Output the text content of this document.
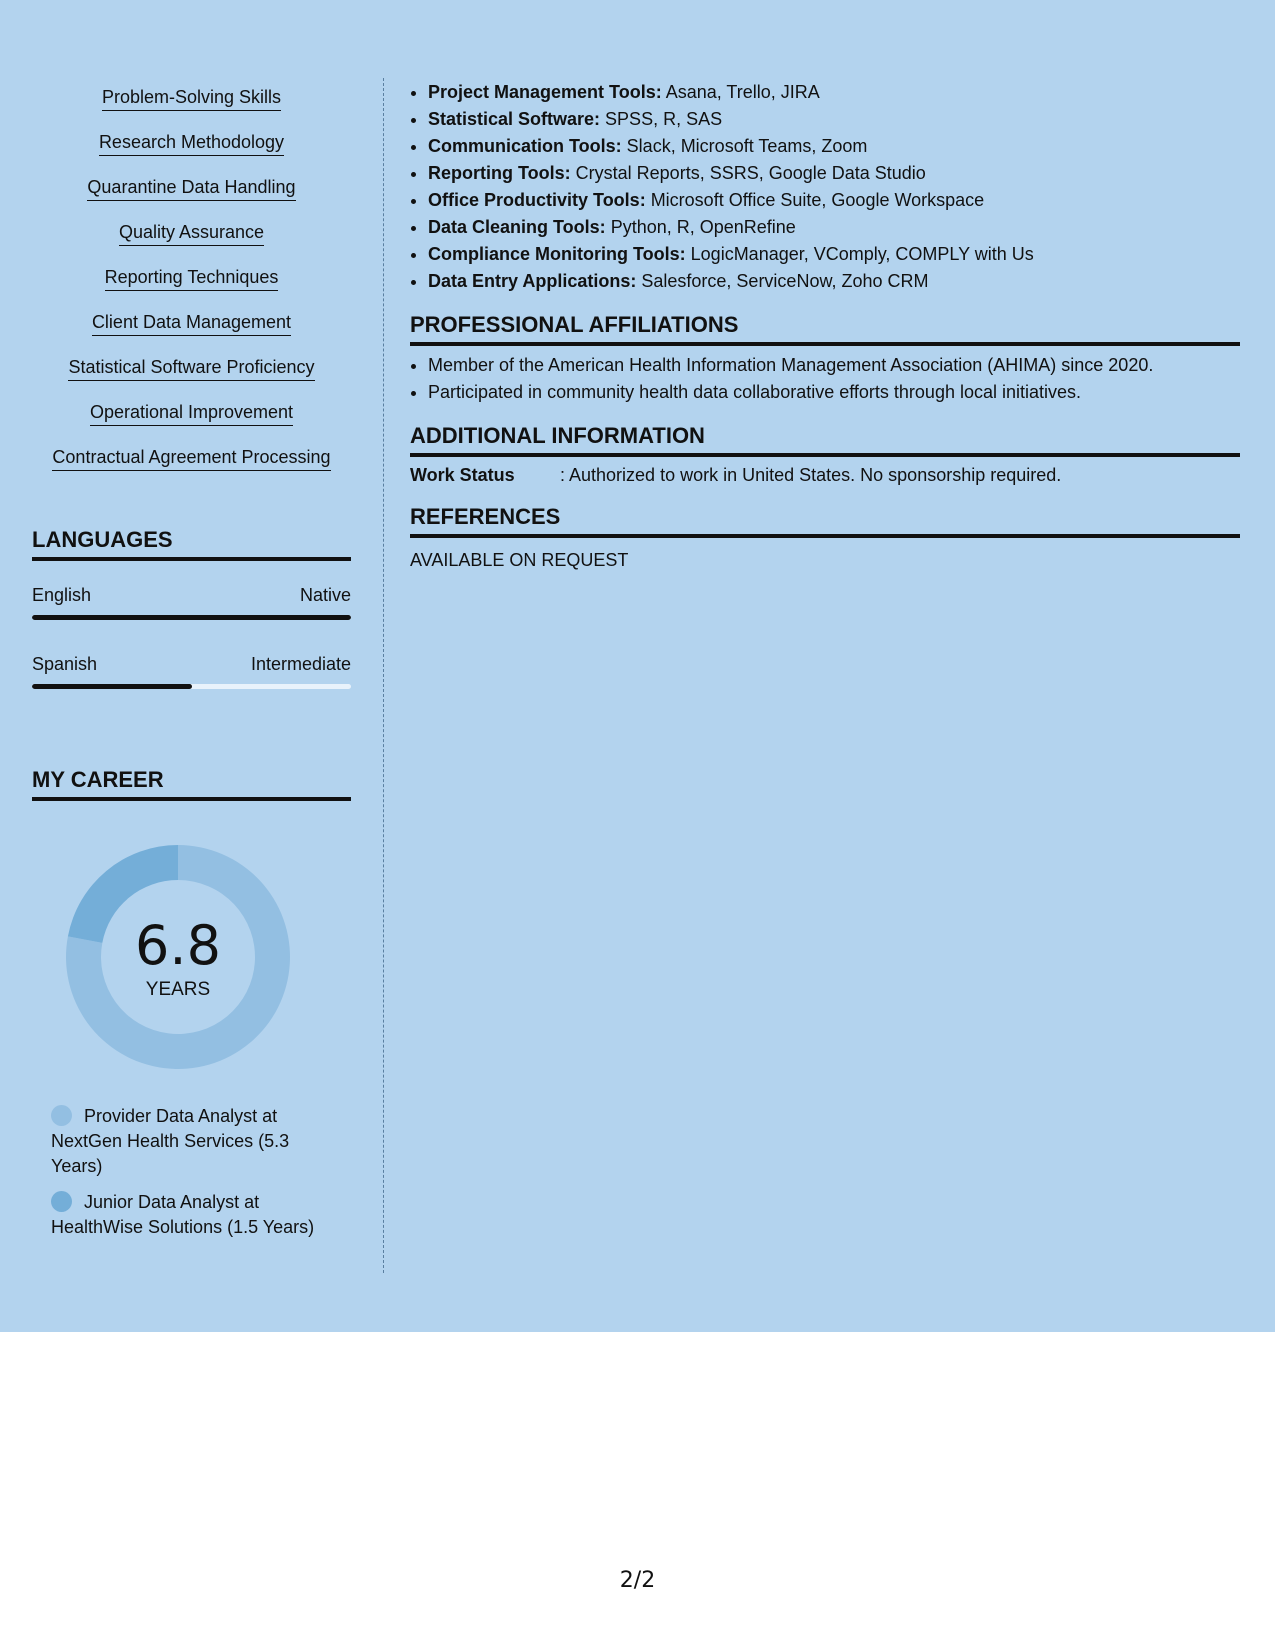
Problem-Solving Skills
Research Methodology
Quarantine Data Handling
Quality Assurance
Reporting Techniques
Client Data Management
Statistical Software Proficiency
Operational Improvement
Contractual Agreement Processing
LANGUAGES
English	Native
Spanish	Intermediate
MY CAREER
6.8
YEARS
Provider Data Analyst at NextGen Health Services (5.3 Years)
Junior Data Analyst at HealthWise Solutions (1.5 Years)
• Project Management Tools: Asana, Trello, JIRA
• Statistical Software: SPSS, R, SAS
• Communication Tools: Slack, Microsoft Teams, Zoom
• Reporting Tools: Crystal Reports, SSRS, Google Data Studio
• Office Productivity Tools: Microsoft Office Suite, Google Workspace
• Data Cleaning Tools: Python, R, OpenRefine
• Compliance Monitoring Tools: LogicManager, VComply, COMPLY with Us
• Data Entry Applications: Salesforce, ServiceNow, Zoho CRM
PROFESSIONAL AFFILIATIONS
• Member of the American Health Information Management Association (AHIMA) since 2020.
• Participated in community health data collaborative efforts through local initiatives.
ADDITIONAL INFORMATION
Work Status	: Authorized to work in United States. No sponsorship required.
REFERENCES
AVAILABLE ON REQUEST
2/2
